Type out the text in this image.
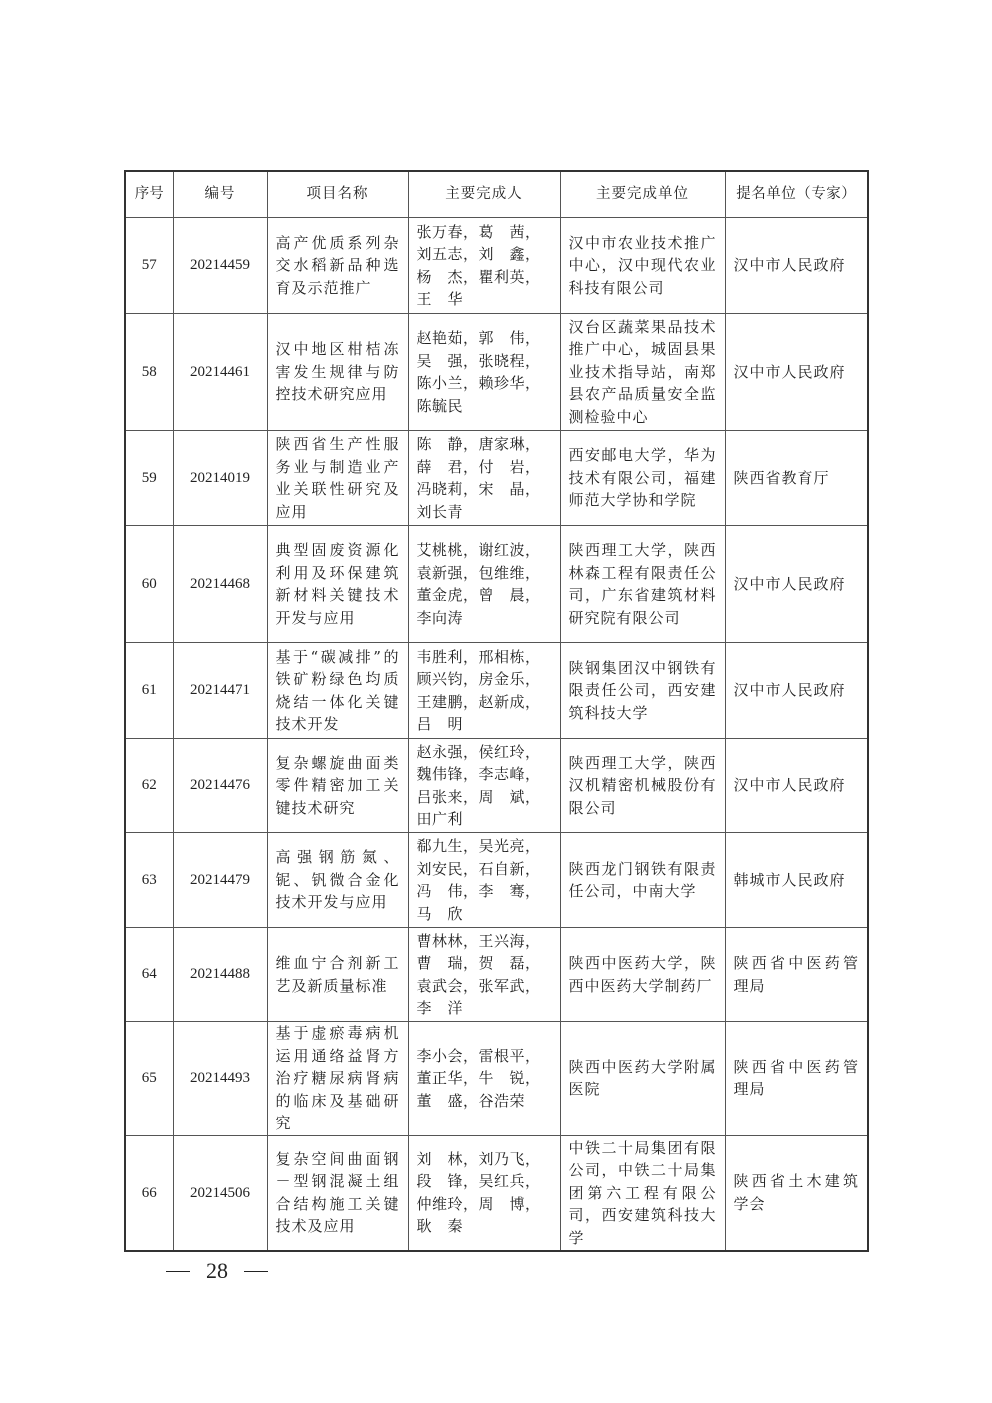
序号	编号	项目名称	主要完成人	主要完成单位	提名单位（专家）
57	20214459	高产优质系列杂交水稻新品种选育及示范推广	张万春，葛　茜，
刘五志，刘　鑫，
杨　杰，瞿利英，
王　华	汉中市农业技术推广中心，汉中现代农业科技有限公司	汉中市人民政府
58	20214461	汉中地区柑桔冻害发生规律与防控技术研究应用	赵艳茹，郭　伟，
吴　强，张晓程，
陈小兰，赖珍华，
陈毓民	汉台区蔬菜果品技术推广中心，城固县果业技术指导站，南郑县农产品质量安全监测检验中心	汉中市人民政府
59	20214019	陕西省生产性服务业与制造业产业关联性研究及应用	陈　静，唐家琳，
薛　君，付　岩，
冯晓莉，宋　晶，
刘长青	西安邮电大学，华为技术有限公司，福建师范大学协和学院	陕西省教育厅
60	20214468	典型固废资源化利用及环保建筑新材料关键技术开发与应用	艾桃桃，谢红波，
袁新强，包维维，
董金虎，曾　晨，
李向涛	陕西理工大学，陕西林森工程有限责任公司，广东省建筑材料研究院有限公司	汉中市人民政府
61	20214471	基于“碳减排”的铁矿粉绿色均质烧结一体化关键技术开发	韦胜利，邢相栋，
顾兴钧，房金乐，
王建鹏，赵新成，
吕　明	陕钢集团汉中钢铁有限责任公司，西安建筑科技大学	汉中市人民政府
62	20214476	复杂螺旋曲面类零件精密加工关键技术研究	赵永强，侯红玲，
魏伟锋，李志峰，
吕张来，周　斌，
田广利	陕西理工大学，陕西汉机精密机械股份有限公司	汉中市人民政府
63	20214479	高强钢筋氮、铌、钒微合金化技术开发与应用	郗九生，吴光亮，
刘安民，石自新，
冯　伟，李　骞，
马　欣	陕西龙门钢铁有限责任公司，中南大学	韩城市人民政府
64	20214488	维血宁合剂新工艺及新质量标准	曹林林，王兴海，
曹　瑞，贺　磊，
袁武会，张军武，
李　洋	陕西中医药大学，陕西中医药大学制药厂	陕西省中医药管理局
65	20214493	基于虚瘀毒病机运用通络益肾方治疗糖尿病肾病的临床及基础研究	李小会，雷根平，
董正华，牛　锐，
董　盛，谷浩荣	陕西中医药大学附属医院	陕西省中医药管理局
66	20214506	复杂空间曲面钢－型钢混凝土组合结构施工关键技术及应用	刘　林，刘乃飞，
段　锋，吴红兵，
仲维玲，周　博，
耿　秦	中铁二十局集团有限公司，中铁二十局集团第六工程有限公司，西安建筑科技大学	陕西省土木建筑学会
28
